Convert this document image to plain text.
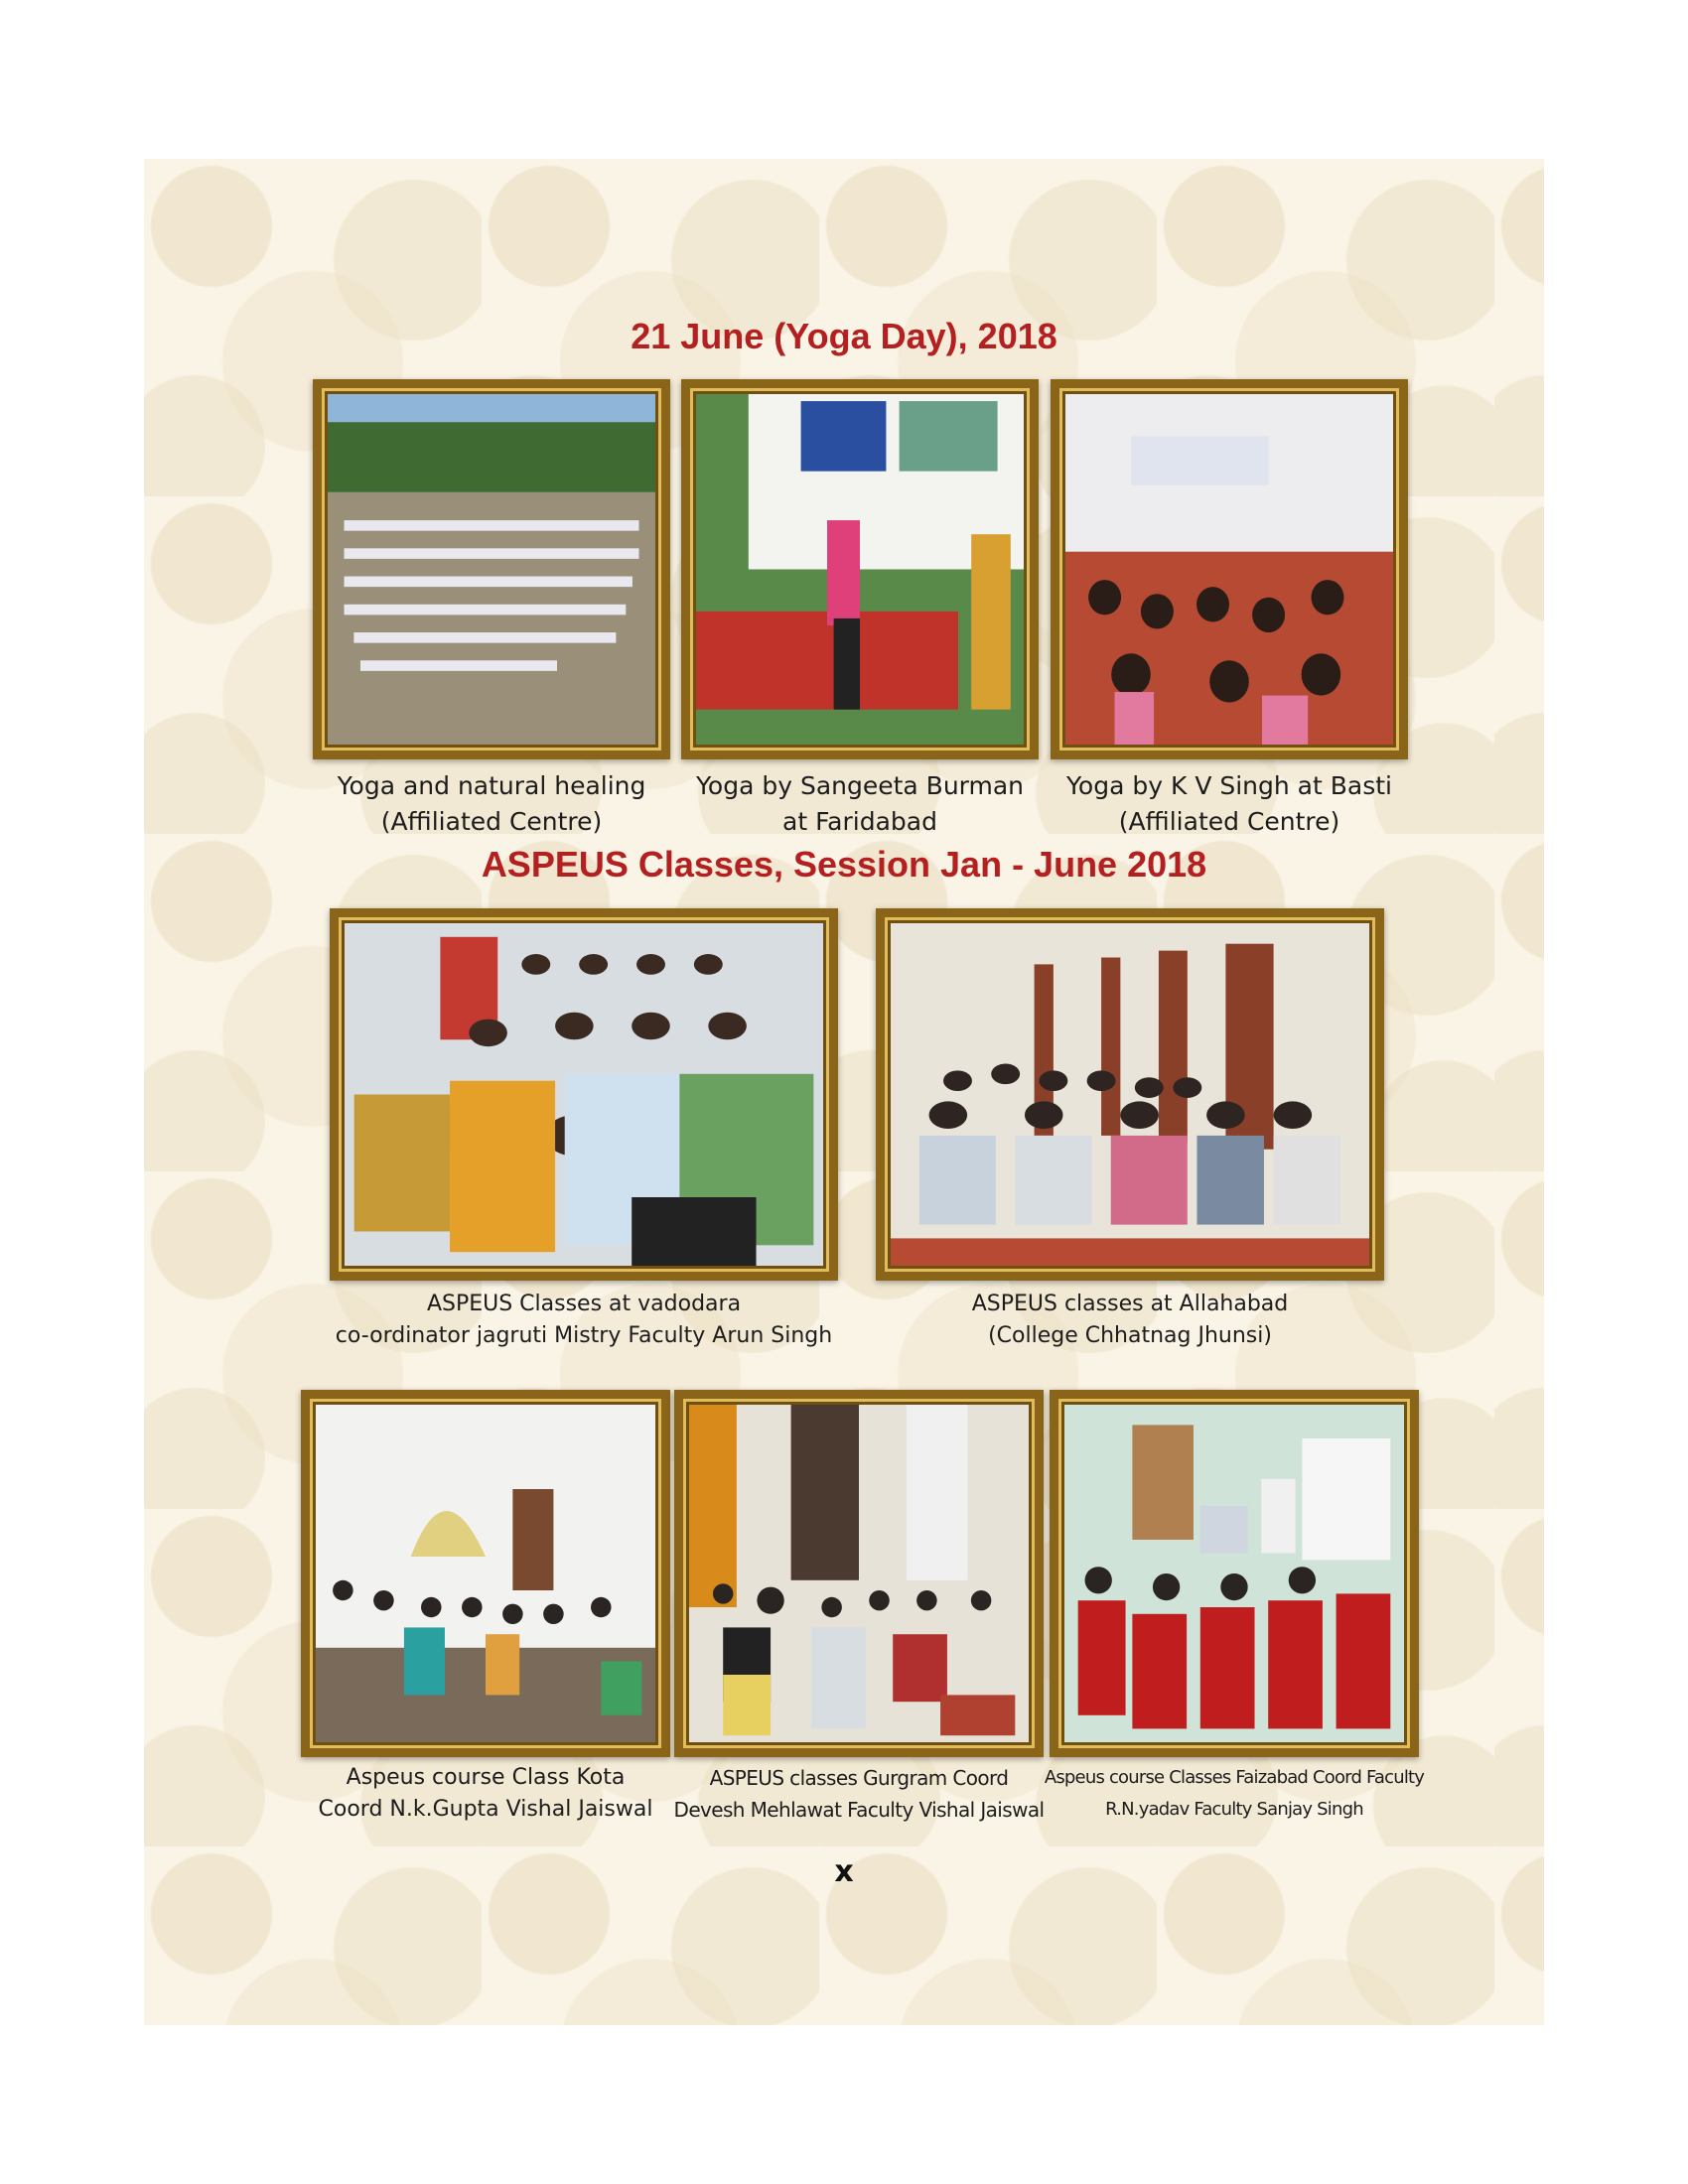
21 June (Yoga Day), 2018
Yoga and natural healing
(Affiliated Centre)
Yoga by Sangeeta Burman
at Faridabad
Yoga by K V Singh at Basti
(Affiliated Centre)
ASPEUS Classes, Session Jan - June 2018
ASPEUS Classes at vadodara
co-ordinator jagruti Mistry Faculty Arun Singh
ASPEUS classes at Allahabad
(College Chhatnag Jhunsi)
Aspeus course Class Kota
Coord N.k.Gupta Vishal Jaiswal
ASPEUS classes Gurgram Coord
Devesh Mehlawat Faculty Vishal Jaiswal
Aspeus course Classes Faizabad Coord Faculty
R.N.yadav Faculty Sanjay Singh
x
